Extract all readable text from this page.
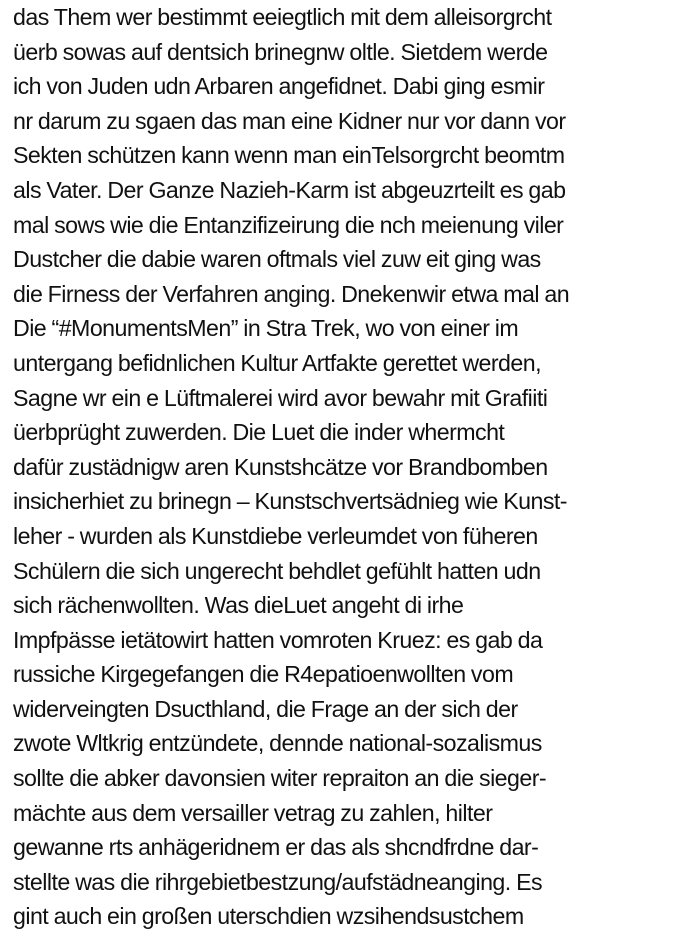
das Them wer bestimmt eeiegtlich mit dem alleisorgrcht
üerb sowas auf dentsich brinegnw oltle. Sietdem werde
ich von Juden udn Arbaren angefidnet. Dabi ging esmir
nr darum zu sgaen das man eine Kidner nur vor dann vor
Sekten schützen kann wenn man einTelsorgrcht beomtm
als Vater. Der Ganze Nazieh-Karm ist abgeuzrteilt es gab
mal sows wie die Entanzifizeirung die nch meienung viler
Dustcher die dabie waren oftmals viel zuw eit ging was
die Firness der Verfahren anging. Dnekenwir etwa mal an
Die “#MonumentsMen” in Stra Trek, wo von einer im
untergang befidnlichen Kultur Artfakte gerettet werden,
Sagne wr ein e Lüftmalerei wird avor bewahr mit Grafiiti
üerbprüght zuwerden. Die Luet die inder whermcht
dafür zustädnigw aren Kunstshcätze vor Brandbomben
insicherhiet zu brinegn – Kunstschvertsädnieg wie Kunst-
leher - wurden als Kunstdiebe verleumdet von füheren
Schülern die sich ungerecht behdlet gefühlt hatten udn
sich rächenwollten. Was dieLuet angeht di irhe
Impfpässe ietätowirt hatten vomroten Kruez: es gab da
russiche Kirgegefangen die R4epatioenwollten vom
widerveingten Dsucthland, die Frage an der sich der
zwote Wltkrig entzündete, dennde national-sozalismus
sollte die abker davonsien witer repraiton an die sieger-
mächte aus dem versailler vetrag zu zahlen, hilter
gewanne rts anhägeridnem er das als shcndfrdne dar-
stellte was die rihrgebietbestzung/aufstädneanging. Es
gint auch ein großen uterschdien wzsihendsustchem
